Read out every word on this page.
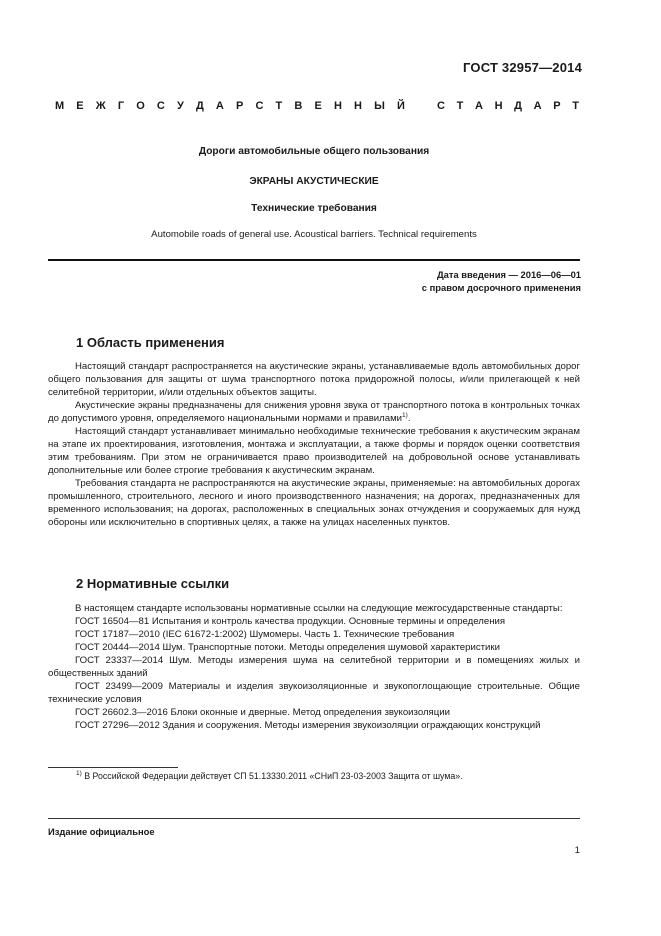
ГОСТ 32957—2014
М Е Ж Г О С У Д А Р С Т В Е Н Н Ы Й	С Т А Н Д А Р Т
Дороги автомобильные общего пользования
ЭКРАНЫ АКУСТИЧЕСКИЕ
Технические требования
Automobile roads of general use. Acoustical barriers. Technical requirements
Дата введения — 2016—06—01
с правом досрочного применения
1 Область применения

Настоящий стандарт распространяется на акустические экраны, устанавливаемые вдоль автомобильных дорог общего пользования для защиты от шума транспортного потока придорожной полосы, и/или прилегающей к ней селитебной территории, и/или отдельных объектов защиты.

Акустические экраны предназначены для снижения уровня звука от транспортного потока в контрольных точках до допустимого уровня, определяемого национальными нормами и правилами$^{1)}$.

Настоящий стандарт устанавливает минимально необходимые технические требования к акустическим экранам на этапе их проектирования, изготовления, монтажа и эксплуатации, а также формы и порядок оценки соответствия этим требованиям. При этом не ограничивается право производителей на добровольной основе устанавливать дополнительные или более строгие требования к акустическим экранам.

Требования стандарта не распространяются на акустические экраны, применяемые: на автомобильных дорогах промышленного, строительного, лесного и иного производственного назначения; на дорогах, предназначенных для временного использования; на дорогах, расположенных в специальных зонах отчуждения и сооружаемых для нужд обороны или исключительно в спортивных целях, а также на улицах населенных пунктов.

2 Нормативные ссылки

В настоящем стандарте использованы нормативные ссылки на следующие межгосударственные стандарты:

ГОСТ 16504—81 Испытания и контроль качества продукции. Основные термины и определения

ГОСТ 17187—2010 (IEC 61672-1:2002) Шумомеры. Часть 1. Технические требования

ГОСТ 20444—2014 Шум. Транспортные потоки. Методы определения шумовой характеристики

ГОСТ 23337—2014 Шум. Методы измерения шума на селитебной территории и в помещениях жилых и общественных зданий

ГОСТ 23499—2009 Материалы и изделия звукоизоляционные и звукопоглощающие строительные. Общие технические условия

ГОСТ 26602.3—2016 Блоки оконные и дверные. Метод определения звукоизоляции

ГОСТ 27296—2012 Здания и сооружения. Методы измерения звукоизоляции ограждающих конструкций

$^{1)}$ В Российской Федерации действует СП 51.13330.2011 «СНиП 23-03-2003 Защита от шума».
Издание официальное
1
